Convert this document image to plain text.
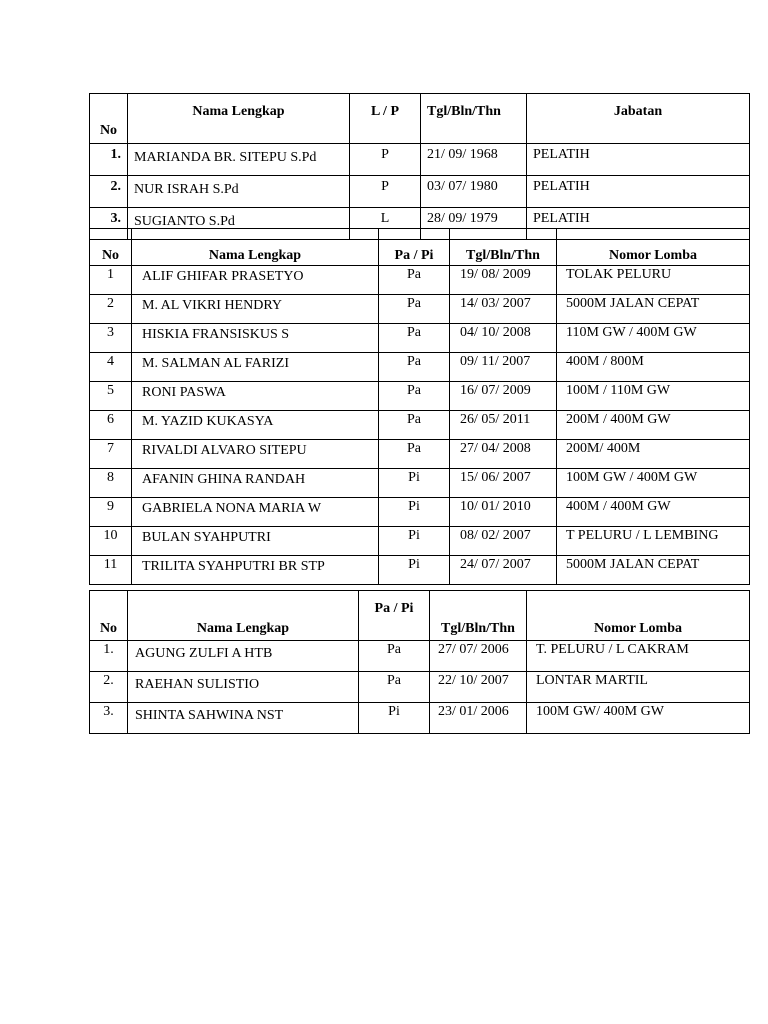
No	Nama Lengkap	L / P	Tgl/Bln/Thn	Jabatan
1.	MARIANDA BR. SITEPU S.Pd	P	21/ 09/ 1968	PELATIH
2.	NUR ISRAH S.Pd	P	03/ 07/ 1980	PELATIH
3.	SUGIANTO S.Pd	L	28/ 09/ 1979	PELATIH
No	Nama Lengkap	Pa / Pi	Tgl/Bln/Thn	Nomor Lomba
1	ALIF GHIFAR PRASETYO	Pa	19/ 08/ 2009	TOLAK PELURU
2	M. AL VIKRI HENDRY	Pa	14/ 03/ 2007	5000M JALAN CEPAT
3	HISKIA FRANSISKUS S	Pa	04/ 10/ 2008	110M GW / 400M GW
4	M. SALMAN AL FARIZI	Pa	09/ 11/ 2007	400M / 800M
5	RONI PASWA	Pa	16/ 07/ 2009	100M / 110M GW
6	M. YAZID KUKASYA	Pa	26/ 05/ 2011	200M / 400M GW
7	RIVALDI ALVARO SITEPU	Pa	27/ 04/ 2008	200M/ 400M
8	AFANIN GHINA RANDAH	Pi	15/ 06/ 2007	100M GW / 400M GW
9	GABRIELA NONA MARIA W	Pi	10/ 01/ 2010	400M / 400M GW
10	BULAN SYAHPUTRI	Pi	08/ 02/ 2007	T PELURU / L LEMBING
11	TRILITA SYAHPUTRI BR STP	Pi	24/ 07/ 2007	5000M JALAN CEPAT
No	Nama Lengkap	Pa / Pi	Tgl/Bln/Thn	Nomor Lomba
1.	AGUNG ZULFI A HTB	Pa	27/ 07/ 2006	T. PELURU / L CAKRAM
2.	RAEHAN SULISTIO	Pa	22/ 10/ 2007	LONTAR MARTIL
3.	SHINTA SAHWINA NST	Pi	23/ 01/ 2006	100M GW/ 400M GW
